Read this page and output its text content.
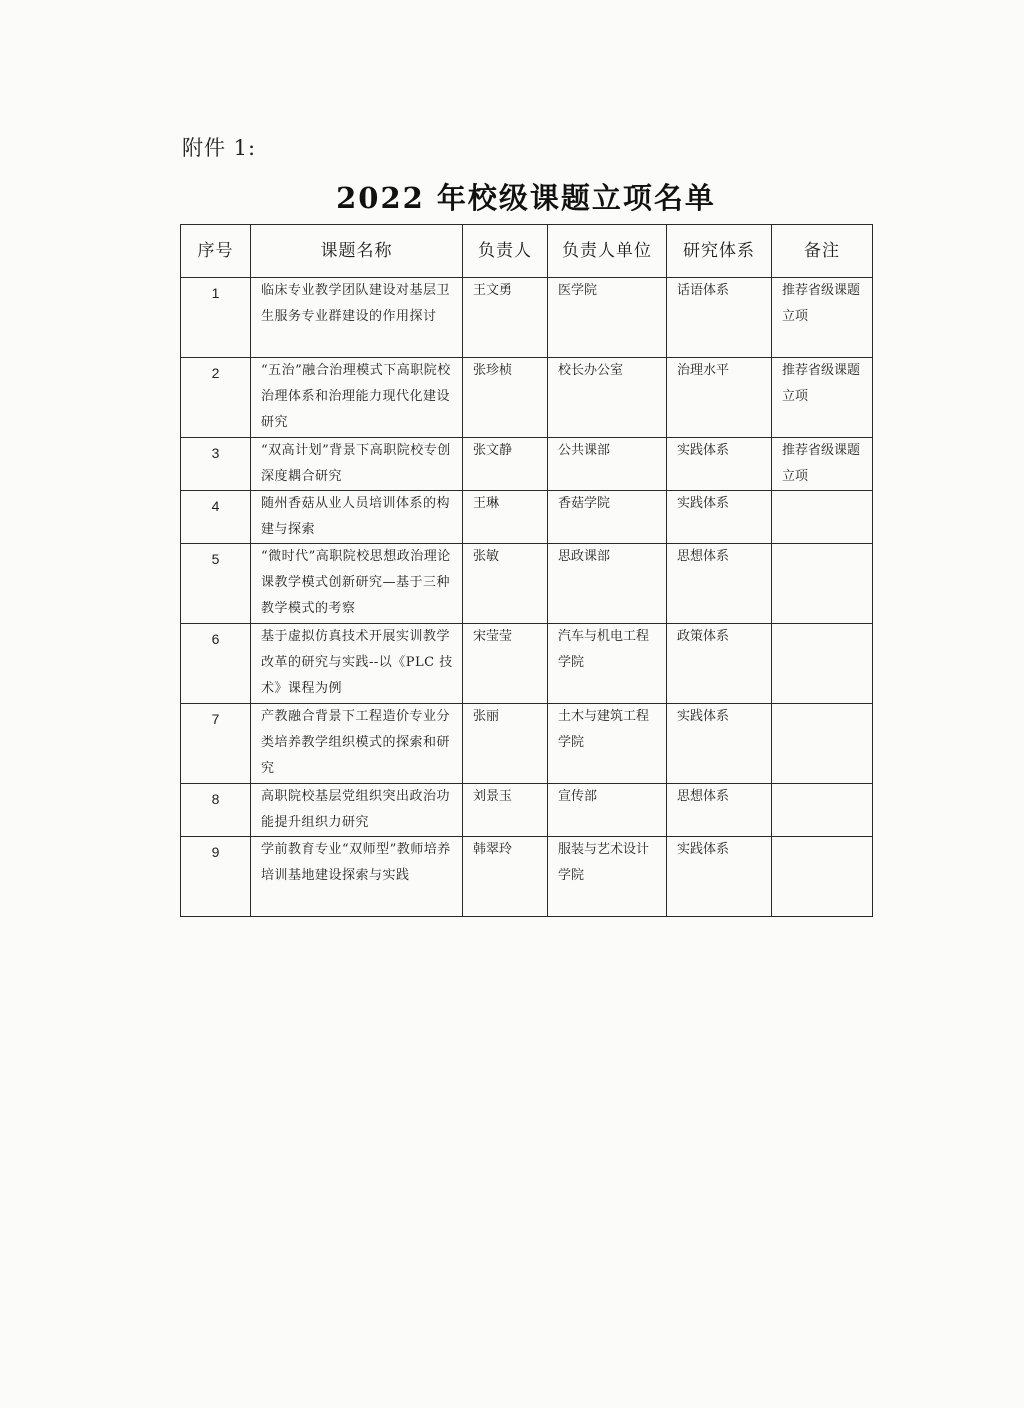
附件 1:
2022 年校级课题立项名单
序号	课题名称	负责人	负责人单位	研究体系	备注
1	临床专业教学团队建设对基层卫生服务专业群建设的作用探讨	王文勇	医学院	话语体系	推荐省级课题立项
2	“五治”融合治理模式下高职院校治理体系和治理能力现代化建设研究	张珍桢	校长办公室	治理水平	推荐省级课题立项
3	“双高计划”背景下高职院校专创深度耦合研究	张文静	公共课部	实践体系	推荐省级课题立项
4	随州香菇从业人员培训体系的构建与探索	王琳	香菇学院	实践体系	
5	“微时代”高职院校思想政治理论课教学模式创新研究—基于三种教学模式的考察	张敏	思政课部	思想体系	
6	基于虚拟仿真技术开展实训教学改革的研究与实践--以《PLC 技术》课程为例	宋莹莹	汽车与机电工程学院	政策体系	
7	产教融合背景下工程造价专业分类培养教学组织模式的探索和研究	张丽	土木与建筑工程学院	实践体系	
8	高职院校基层党组织突出政治功能提升组织力研究	刘景玉	宣传部	思想体系	
9	学前教育专业“双师型”教师培养培训基地建设探索与实践	韩翠玲	服装与艺术设计学院	实践体系	
